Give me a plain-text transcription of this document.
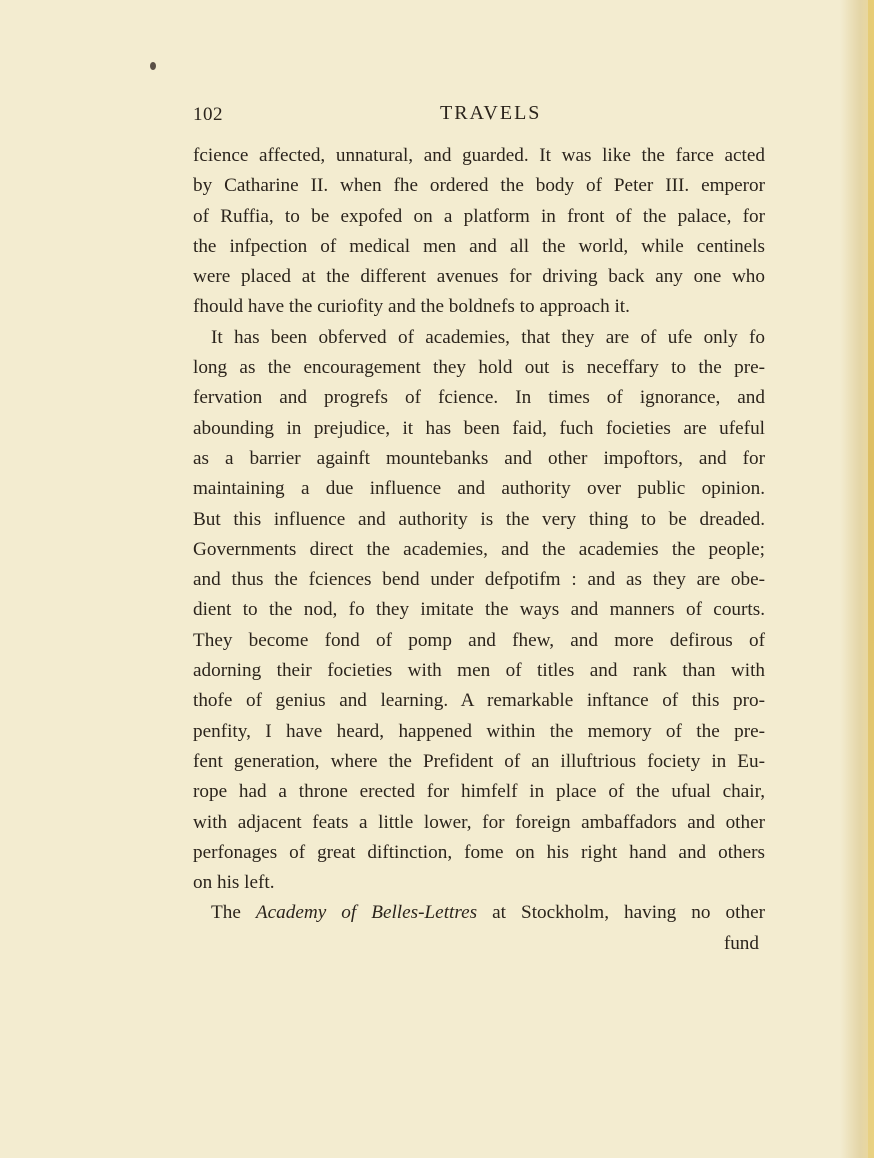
102	TRAVELS
fcience affected, unnatural, and guarded. It was like the farce acted
by Catharine II. when fhe ordered the body of Peter III. emperor
of Ruffia, to be expofed on a platform in front of the palace, for
the infpection of medical men and all the world, while centinels
were placed at the different avenues for driving back any one who
fhould have the curiofity and the boldnefs to approach it.
It has been obferved of academies, that they are of ufe only fo
long as the encouragement they hold out is neceffary to the pre-
fervation and progrefs of fcience. In times of ignorance, and
abounding in prejudice, it has been faid, fuch focieties are ufeful
as a barrier againft mountebanks and other impoftors, and for
maintaining a due influence and authority over public opinion.
But this influence and authority is the very thing to be dreaded.
Governments direct the academies, and the academies the people;
and thus the fciences bend under defpotifm : and as they are obe-
dient to the nod, fo they imitate the ways and manners of courts.
They become fond of pomp and fhew, and more defirous of
adorning their focieties with men of titles and rank than with
thofe of genius and learning. A remarkable inftance of this pro-
penfity, I have heard, happened within the memory of the pre-
fent generation, where the Prefident of an illuftrious fociety in Eu-
rope had a throne erected for himfelf in place of the ufual chair,
with adjacent feats a little lower, for foreign ambaffadors and other
perfonages of great diftinction, fome on his right hand and others
on his left.
The Academy of Belles-Lettres at Stockholm, having no other
fund
